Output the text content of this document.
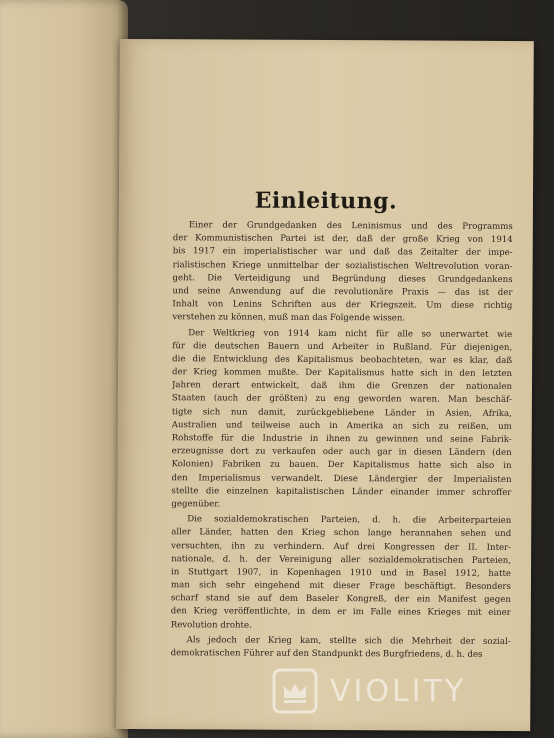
Einleitung.
Einer der Grundgedanken des Leninismus und des Programms
der Kommunistischen Partei ist der, daß der große Krieg von 1914
bis 1917 ein imperialistischer war und daß das Zeitalter der impe-
rialistischen Kriege unmittelbar der sozialistischen Weltrevolution voran-
geht. Die Verteidigung und Begründung dieses Grundgedankens
und seine Anwendung auf die revolutionäre Praxis — das ist der
Inhalt von Lenins Schriften aus der Kriegszeit. Um diese richtig
verstehen zu können, muß man das Folgende wissen.
Der Weltkrieg von 1914 kam nicht für alle so unerwartet wie
für die deutschen Bauern und Arbeiter in Rußland. Für diejenigen,
die die Entwicklung des Kapitalismus beobachteten, war es klar, daß
der Krieg kommen mußte. Der Kapitalismus hatte sich in den letzten
Jahren derart entwickelt, daß ihm die Grenzen der nationalen
Staaten (auch der größten) zu eng geworden waren. Man beschäf-
tigte sich nun damit, zurückgebliebene Länder in Asien, Afrika,
Australien und teilweise auch in Amerika an sich zu reißen, um
Rohstoffe für die Industrie in ihnen zu gewinnen und seine Fabrik-
erzeugnisse dort zu verkaufen oder auch gar in diesen Ländern (den
Kolonien) Fabriken zu bauen. Der Kapitalismus hatte sich also in
den Imperialismus verwandelt. Diese Ländergier der Imperialisten
stellte die einzelnen kapitalistischen Länder einander immer schroffer
gegenüber.
Die sozialdemokratischen Parteien, d. h. die Arbeiterparteien
aller Länder, hatten den Krieg schon lange herannahen sehen und
versuchten, ihn zu verhindern. Auf drei Kongressen der II. Inter-
nationale, d. h. der Vereinigung aller sozialdemokratischen Parteien,
in Stuttgart 1907, in Kopenhagen 1910 und in Basel 1912, hatte
man sich sehr eingehend mit dieser Frage beschäftigt. Besonders
scharf stand sie auf dem Baseler Kongreß, der ein Manifest gegen
den Krieg veröffentlichte, in dem er im Falle eines Krieges mit einer
Revolution drohte.
Als jedoch der Krieg kam, stellte sich die Mehrheit der sozial-
demokratischen Führer auf den Standpunkt des Burgfriedens, d. h. des
VIOLITY
